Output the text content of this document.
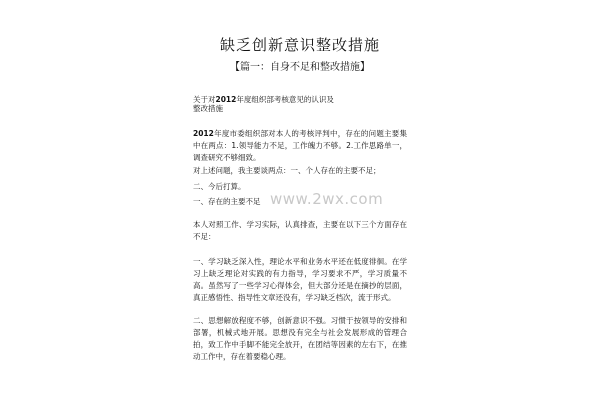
缺乏创新意识整改措施
【篇一：自身不足和整改措施】
关于对2012年度组织部考核意见的认识及
整改措施
2012年度市委组织部对本人的考核评判中，存在的问题主要集中在两点：1.领导能力不足，工作魄力不够。2.工作思路单一，调查研究不够细致。
对上述问题，我主要谈两点：一、个人存在的主要不足；
二、今后打算。
一、存在的主要不足 www.2wx.com
本人对照工作、学习实际，认真排查，主要在以下三个方面存在不足：
一、学习缺乏深入性，理论水平和业务水平还在低度徘徊。在学习上缺乏理论对实践的有力指导，学习要求不严，学习质量不高。虽然写了一些学习心得体会，但大部分还是在摘抄的层面，真正感悟性、指导性文章还没有，学习缺乏档次，流于形式。
二、思想解放程度不够，创新意识不强。习惯于按领导的安排和部署，机械式地开展。思想没有完全与社会发展形成的管理合拍，致工作中手脚不能完全放开，在团结等因素的左右下，在推动工作中，存在着要稳心理。
